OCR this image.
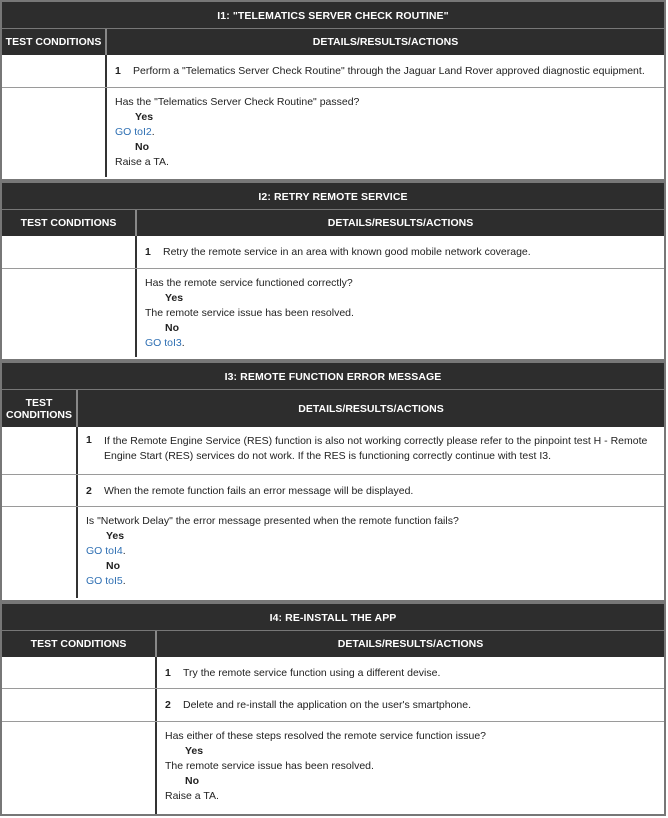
I1: "TELEMATICS SERVER CHECK ROUTINE"
TEST CONDITIONS	DETAILS/RESULTS/ACTIONS
1	Perform a "Telematics Server Check Routine" through the Jaguar Land Rover approved diagnostic equipment.
Has the "Telematics Server Check Routine" passed?
Yes
GO toI2.
No
Raise a TA.
I2: RETRY REMOTE SERVICE
TEST CONDITIONS	DETAILS/RESULTS/ACTIONS
1	Retry the remote service in an area with known good mobile network coverage.
Has the remote service functioned correctly?
Yes
The remote service issue has been resolved.
No
GO toI3.
I3: REMOTE FUNCTION ERROR MESSAGE
TEST CONDITIONS	DETAILS/RESULTS/ACTIONS
1	If the Remote Engine Service (RES) function is also not working correctly please refer to the pinpoint test H - Remote Engine Start (RES) services do not work. If the RES is functioning correctly continue with test I3.
2	When the remote function fails an error message will be displayed.
Is "Network Delay" the error message presented when the remote function fails?
Yes
GO toI4.
No
GO toI5.
I4: RE-INSTALL THE APP
TEST CONDITIONS	DETAILS/RESULTS/ACTIONS
1	Try the remote service function using a different devise.
2	Delete and re-install the application on the user's smartphone.
Has either of these steps resolved the remote service function issue?
Yes
The remote service issue has been resolved.
No
Raise a TA.
